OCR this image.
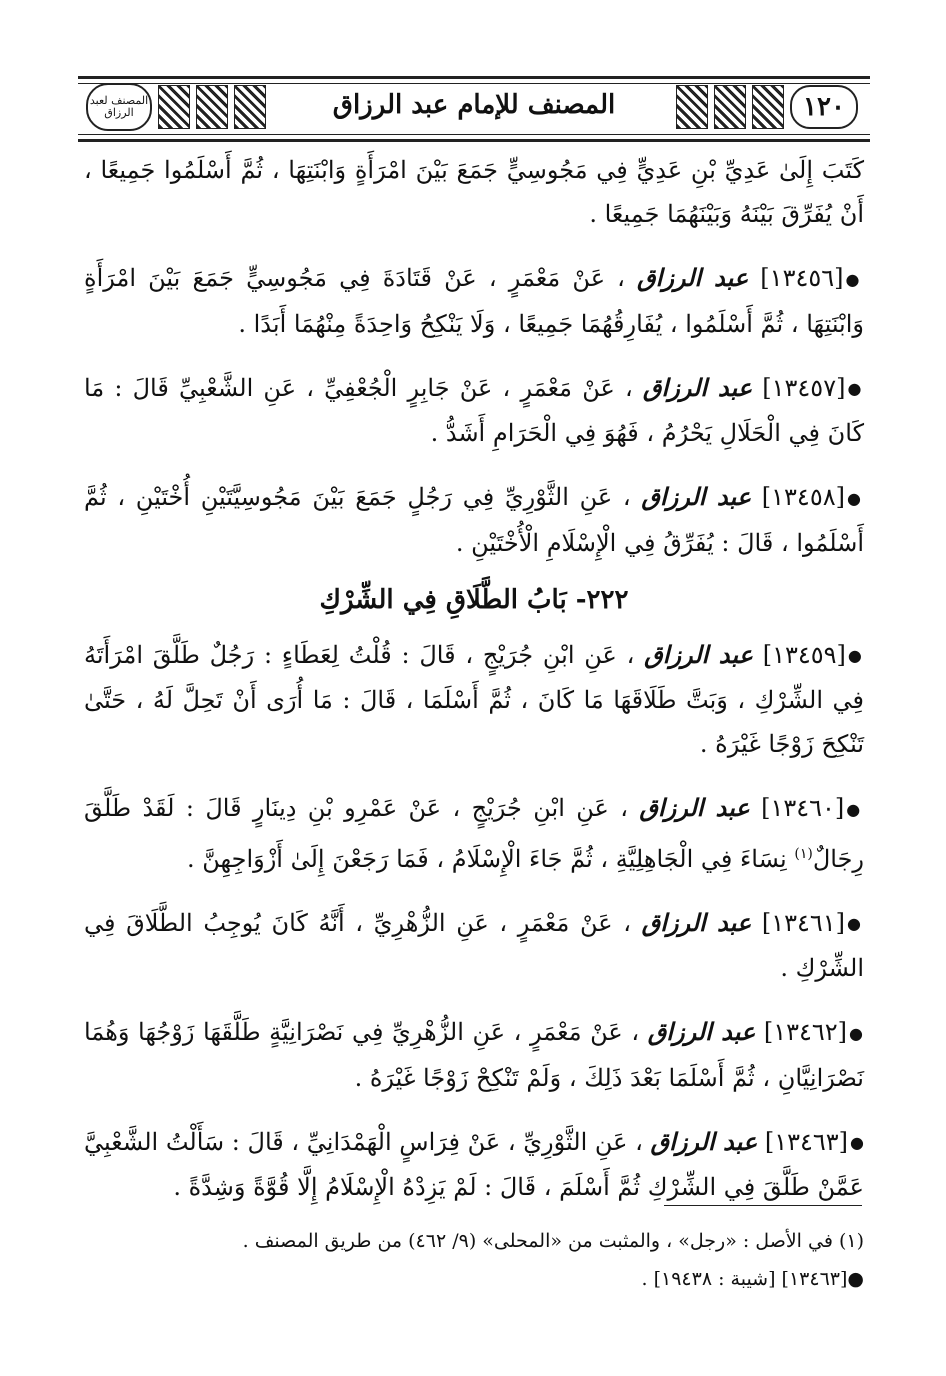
المصنف لعبد الرزاق	المصنف للإمام عبد الرزاق	١٢٠

كَتَبَ إِلَىٰ عَدِيِّ بْنِ عَدِيٍّ فِي مَجُوسِيٍّ جَمَعَ بَيْنَ امْرَأَةٍ وَابْنَتِهَا ، ثُمَّ أَسْلَمُوا جَمِيعًا ، أَنْ يُفَرِّقَ بَيْنَهُ وَبَيْنَهُمَا جَمِيعًا .

●[١٣٤٥٦] عبد الرزاق ، عَنْ مَعْمَرٍ ، عَنْ قَتَادَةَ فِي مَجُوسِيٍّ جَمَعَ بَيْنَ امْرَأَةٍ وَابْنَتِهَا ، ثُمَّ أَسْلَمُوا ، يُفَارِقُهُمَا جَمِيعًا ، وَلَا يَنْكِحُ وَاحِدَةً مِنْهُمَا أَبَدًا .

●[١٣٤٥٧] عبد الرزاق ، عَنْ مَعْمَرٍ ، عَنْ جَابِرٍ الْجُعْفِيِّ ، عَنِ الشَّعْبِيِّ قَالَ : مَا كَانَ فِي الْحَلَالِ يَحْرُمُ ، فَهُوَ فِي الْحَرَامِ أَشَدُّ .

●[١٣٤٥٨] عبد الرزاق ، عَنِ الثَّوْرِيِّ فِي رَجُلٍ جَمَعَ بَيْنَ مَجُوسِيَّتَيْنِ أُخْتَيْنِ ، ثُمَّ أَسْلَمُوا ، قَالَ : يُفَرِّقُ فِي الْإِسْلَامِ الْأُخْتَيْنِ .

٢٢٢- بَابُ الطَّلَاقِ فِي الشِّرْكِ

●[١٣٤٥٩] عبد الرزاق ، عَنِ ابْنِ جُرَيْجٍ ، قَالَ : قُلْتُ لِعَطَاءٍ : رَجُلٌ طَلَّقَ امْرَأَتَهُ فِي الشِّرْكِ ، وَبَتَّ طَلَاقَهَا مَا كَانَ ، ثُمَّ أَسْلَمَا ، قَالَ : مَا أُرَى أَنْ تَحِلَّ لَهُ ، حَتَّىٰ تَنْكِحَ زَوْجًا غَيْرَهُ .

●[١٣٤٦٠] عبد الرزاق ، عَنِ ابْنِ جُرَيْجٍ ، عَنْ عَمْرِو بْنِ دِينَارٍ قَالَ : لَقَدْ طَلَّقَ رِجَالٌ$^{(١)}$ نِسَاءَ فِي الْجَاهِلِيَّةِ ، ثُمَّ جَاءَ الْإِسْلَامُ ، فَمَا رَجَعْنَ إِلَىٰ أَزْوَاجِهِنَّ .

●[١٣٤٦١] عبد الرزاق ، عَنْ مَعْمَرٍ ، عَنِ الزُّهْرِيِّ ، أَنَّهُ كَانَ يُوجِبُ الطَّلَاقَ فِي الشِّرْكِ .

●[١٣٤٦٢] عبد الرزاق ، عَنْ مَعْمَرٍ ، عَنِ الزُّهْرِيِّ فِي نَصْرَانِيَّةٍ طَلَّقَهَا زَوْجُهَا وَهُمَا نَصْرَانِيَّانِ ، ثُمَّ أَسْلَمَا بَعْدَ ذَلِكَ ، وَلَمْ تَنْكِحْ زَوْجًا غَيْرَهُ .

●[١٣٤٦٣] عبد الرزاق ، عَنِ الثَّوْرِيِّ ، عَنْ فِرَاسٍ الْهَمْدَانِيِّ ، قَالَ : سَأَلْتُ الشَّعْبِيَّ عَمَّنْ طَلَّقَ فِي الشِّرْكِ ثُمَّ أَسْلَمَ ، قَالَ : لَمْ يَزِدْهُ الْإِسْلَامُ إِلَّا قُوَّةً وَشِدَّةً .

(١) في الأصل : «رجل» ، والمثبت من «المحلى» (٩/ ٤٦٢) من طريق المصنف .

●[١٣٤٦٣] [شيبة : ١٩٤٣٨] .
